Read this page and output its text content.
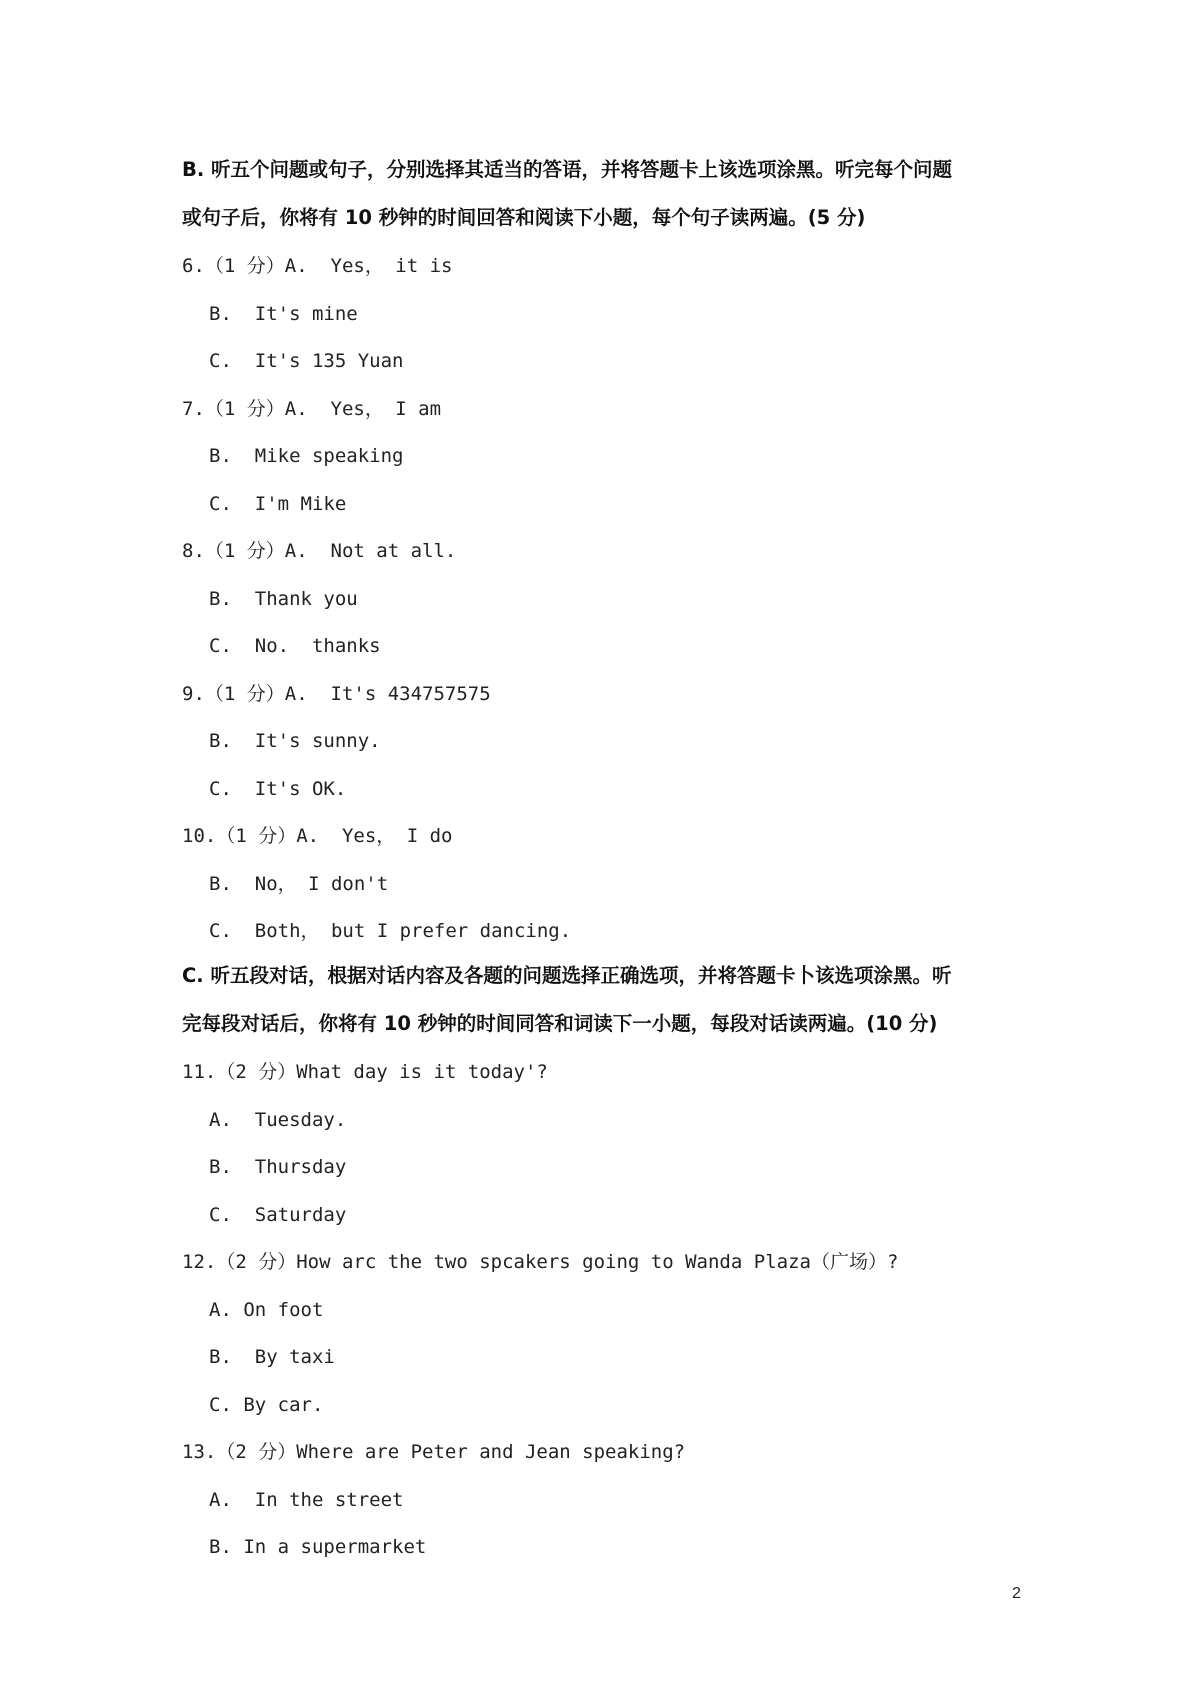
B. 听五个问题或句子，分别选择其适当的答语，并将答题卡上该选项涂黑。听完每个问题
或句子后，你将有 10 秒钟的时间回答和阅读下小题，每个句子读两遍。(5 分)
6.（1 分）A.  Yes， it is
B.  It's mine
C.  It's 135 Yuan
7.（1 分）A.  Yes， I am
B.  Mike speaking
C.  I'm Mike
8.（1 分）A.  Not at all.
B.  Thank you
C.  No.  thanks
9.（1 分）A.  It's 434757575
B.  It's sunny.
C.  It's OK.
10.（1 分）A.  Yes， I do
B.  No， I don't
C.  Both， but I prefer dancing.
C. 听五段对话，根据对话内容及各题的问题选择正确选项，并将答题卡卜该选项涂黑。听
完每段对话后，你将有 10 秒钟的时间同答和词读下一小题，每段对话读两遍。(10 分)
11.（2 分）What day is it today'?
A.  Tuesday.
B.  Thursday
C.  Saturday
12.（2 分）How arc the two spcakers going to Wanda Plaza（广场）?
A. On foot
B.  By taxi
C. By car.
13.（2 分）Where are Peter and Jean speaking?
A.  In the street
B. In a supermarket
2
